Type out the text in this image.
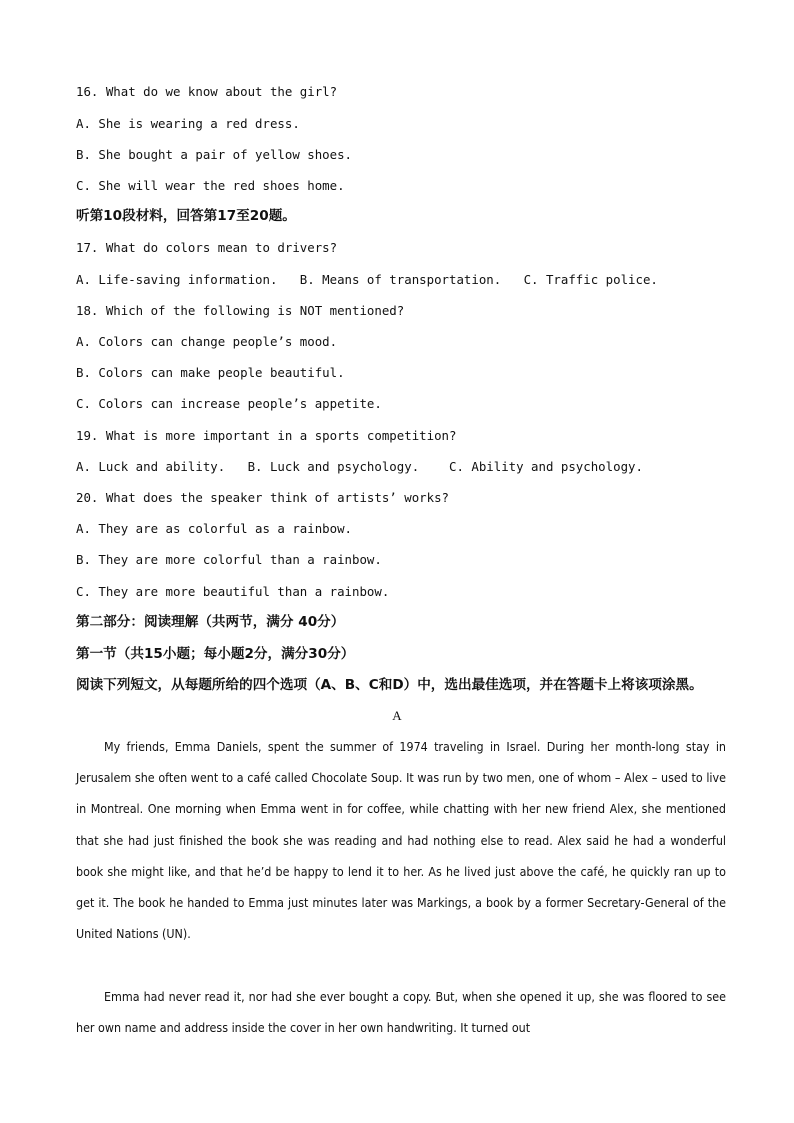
16. What do we know about the girl?
A. She is wearing a red dress.
B. She bought a pair of yellow shoes.
C. She will wear the red shoes home.
听第10段材料，回答第17至20题。
17. What do colors mean to drivers?
A. Life-saving information.   B. Means of transportation.   C. Traffic police.
18. Which of the following is NOT mentioned?
A. Colors can change people’s mood.
B. Colors can make people beautiful.
C. Colors can increase people’s appetite.
19. What is more important in a sports competition?
A. Luck and ability.   B. Luck and psychology.    C. Ability and psychology.
20. What does the speaker think of artists’ works?
A. They are as colorful as a rainbow.
B. They are more colorful than a rainbow.
C. They are more beautiful than a rainbow.
第二部分：阅读理解（共两节，满分 40分）
第一节（共15小题；每小题2分，满分30分）
阅读下列短文，从每题所给的四个选项（A、B、C和D）中，选出最佳选项，并在答题卡上将该项涂黑。
A
My friends, Emma Daniels, spent the summer of 1974 traveling in Israel. During her month-long stay in Jerusalem she often went to a café called Chocolate Soup. It was run by two men, one of whom – Alex – used to live in Montreal. One morning when Emma went in for coffee, while chatting with her new friend Alex, she mentioned that she had just finished the book she was reading and had nothing else to read. Alex said he had a wonderful book she might like, and that he’d be happy to lend it to her. As he lived just above the café, he quickly ran up to get it. The book he handed to Emma just minutes later was Markings, a book by a former Secretary-General of the United Nations (UN).
Emma had never read it, nor had she ever bought a copy. But, when she opened it up, she was floored to see her own name and address inside the cover in her own handwriting. It turned out
